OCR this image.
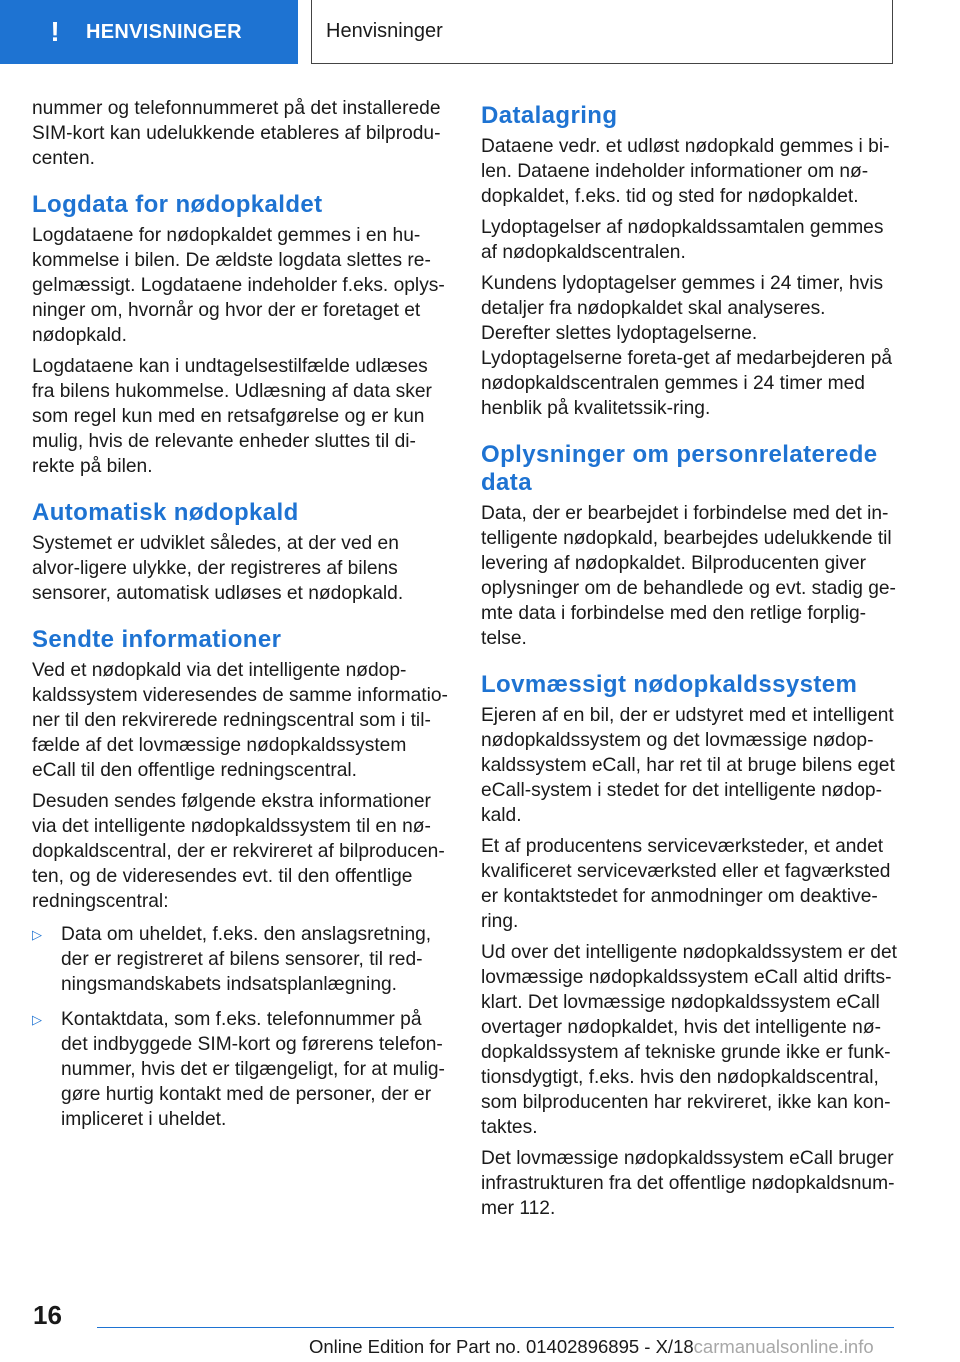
!	HENVISNINGER	Henvisninger

nummer og telefonnummeret på det installerede SIM-kort kan udelukkende etableres af bilprodu-centen.

Logdata for nødopkaldet

Logdataene for nødopkaldet gemmes i en hu-kommelse i bilen. De ældste logdata slettes re-gelmæssigt. Logdataene indeholder f.eks. oplys-ninger om, hvornår og hvor der er foretaget et nødopkald.

Logdataene kan i undtagelsestilfælde udlæses fra bilens hukommelse. Udlæsning af data sker som regel kun med en retsafgørelse og er kun mulig, hvis de relevante enheder sluttes til di-rekte på bilen.

Automatisk nødopkald

Systemet er udviklet således, at der ved en alvor-ligere ulykke, der registreres af bilens sensorer, automatisk udløses et nødopkald.

Sendte informationer

Ved et nødopkald via det intelligente nødop-kaldssystem videresendes de samme informatio-ner til den rekvirerede redningscentral som i til-fælde af det lovmæssige nødopkaldssystem eCall til den offentlige redningscentral.

Desuden sendes følgende ekstra informationer via det intelligente nødopkaldssystem til en nø-dopkaldscentral, der er rekvireret af bilproducen-ten, og de videresendes evt. til den offentlige redningscentral:

▷ Data om uheldet, f.eks. den anslagsretning, der er registreret af bilens sensorer, til red-ningsmandskabets indsatsplanlægning.
▷ Kontaktdata, som f.eks. telefonnummer på det indbyggede SIM-kort og førerens telefon-nummer, hvis det er tilgængeligt, for at mulig-gøre hurtig kontakt med de personer, der er impliceret i uheldet.
Datalagring

Dataene vedr. et udløst nødopkald gemmes i bi-len. Dataene indeholder informationer om nø-dopkaldet, f.eks. tid og sted for nødopkaldet.

Lydoptagelser af nødopkaldssamtalen gemmes af nødopkaldscentralen.

Kundens lydoptagelser gemmes i 24 timer, hvis detaljer fra nødopkaldet skal analyseres. Derefter slettes lydoptagelserne. Lydoptagelserne foreta-get af medarbejderen på nødopkaldscentralen gemmes i 24 timer med henblik på kvalitetssik-ring.

Oplysninger om personrelaterede data

Data, der er bearbejdet i forbindelse med det in-telligente nødopkald, bearbejdes udelukkende til levering af nødopkaldet. Bilproducenten giver oplysninger om de behandlede og evt. stadig ge-mte data i forbindelse med den retlige forplig-telse.

Lovmæssigt nødopkaldssystem

Ejeren af en bil, der er udstyret med et intelligent nødopkaldssystem og det lovmæssige nødop-kaldssystem eCall, har ret til at bruge bilens eget eCall-system i stedet for det intelligente nødop-kald.

Et af producentens serviceværksteder, et andet kvalificeret serviceværksted eller et fagværksted er kontaktstedet for anmodninger om deaktive-ring.

Ud over det intelligente nødopkaldssystem er det lovmæssige nødopkaldssystem eCall altid drifts-klart. Det lovmæssige nødopkaldssystem eCall overtager nødopkaldet, hvis det intelligente nø-dopkaldssystem af tekniske grunde ikke er funk-tionsdygtigt, f.eks. hvis den nødopkaldscentral, som bilproducenten har rekvireret, ikke kan kon-taktes.

Det lovmæssige nødopkaldssystem eCall bruger infrastrukturen fra det offentlige nødopkaldsnum-mer 112.

16
Online Edition for Part no. 01402896895 - X/18carmanualsonline.info
